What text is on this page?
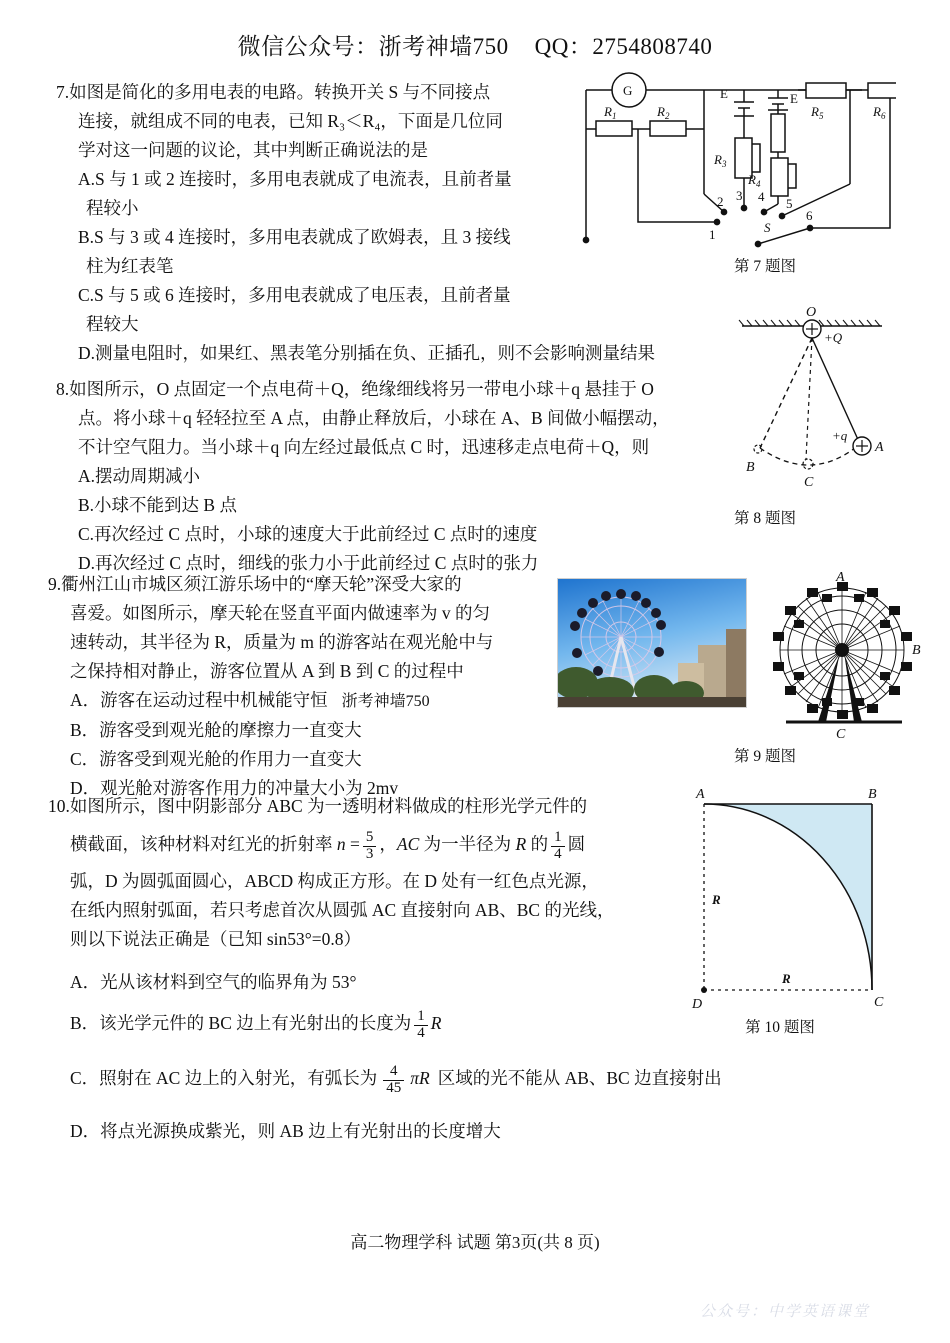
微信公众号：浙考神墙750 QQ：2754808740
7.如图是简化的多用电表的电路。转换开关 S 与不同接点
连接，就组成不同的电表，已知 R₃＜R₄，下面是几位同
学对这一问题的议论，其中判断正确说法的是
A.S 与 1 或 2 连接时，多用电表就成了电流表，且前者量
程较小
B.S 与 3 或 4 连接时，多用电表就成了欧姆表，且 3 接线
柱为红表笔
C.S 与 5 或 6 连接时，多用电表就成了电压表，且前者量
程较大
D.测量电阻时，如果红、黑表笔分别插在负、正插孔，则不会影响测量结果
G
$R_1$	$R_2$
$R_3$
$R_4$
$R_5$	$R_6$
E	E
1
2 3 4 5
6
S
第 7 题图
8.如图所示，O 点固定一个点电荷＋Q，绝缘细线将另一带电小球＋q 悬挂于 O
点。将小球＋q 轻轻拉至 A 点，由静止释放后，小球在 A、B 间做小幅摆动，
不计空气阻力。当小球＋q 向左经过最低点 C 时，迅速移走点电荷＋Q，则
A.摆动周期减小
B.小球不能到达 B 点
C.再次经过 C 点时，小球的速度大于此前经过 C 点时的速度
D.再次经过 C 点时，细线的张力小于此前经过 C 点时的张力
O
+Q
+q
A
B
C
第 8 题图
9.衢州江山市城区须江游乐场中的“摩天轮”深受大家的
喜爱。如图所示，摩天轮在竖直平面内做速率为 v 的匀
速转动，其半径为 R，质量为 m 的游客站在观光舱中与
之保持相对静止，游客位置从 A 到 B 到 C 的过程中
A．游客在运动过程中机械能守恒 浙考神墙750
B．游客受到观光舱的摩擦力一直变大
C．游客受到观光舱的作用力一直变大
D．观光舱对游客作用力的冲量大小为 2mv
A
B
C
第 9 题图
10.如图所示，图中阴影部分 ABC 为一透明材料做成的柱形光学元件的
横截面，该种材料对红光的折射率 $n = \frac{5}{3}$ ，AC 为一半径为 R 的 $\frac{1}{4}$ 圆
弧，D 为圆弧面圆心，ABCD 构成正方形。在 D 处有一红色点光源，
在纸内照射弧面，若只考虑首次从圆弧 AC 直接射向 AB、BC 的光线，
则以下说法正确是（已知 sin53°=0.8）
A．光从该材料到空气的临界角为 53°
B．该光学元件的 BC 边上有光射出的长度为 $\frac{1}{4}$ R
C．照射在 AC 边上的入射光，有弧长为 $\frac{4}{45}$ πR 区域的光不能从 AB、BC 边直接射出
D．将点光源换成紫光，则 AB 边上有光射出的长度增大
A	B
C
D
R
R
第 10 题图
高二物理学科 试题 第3页(共 8 页)
公众号：中学英语课堂
